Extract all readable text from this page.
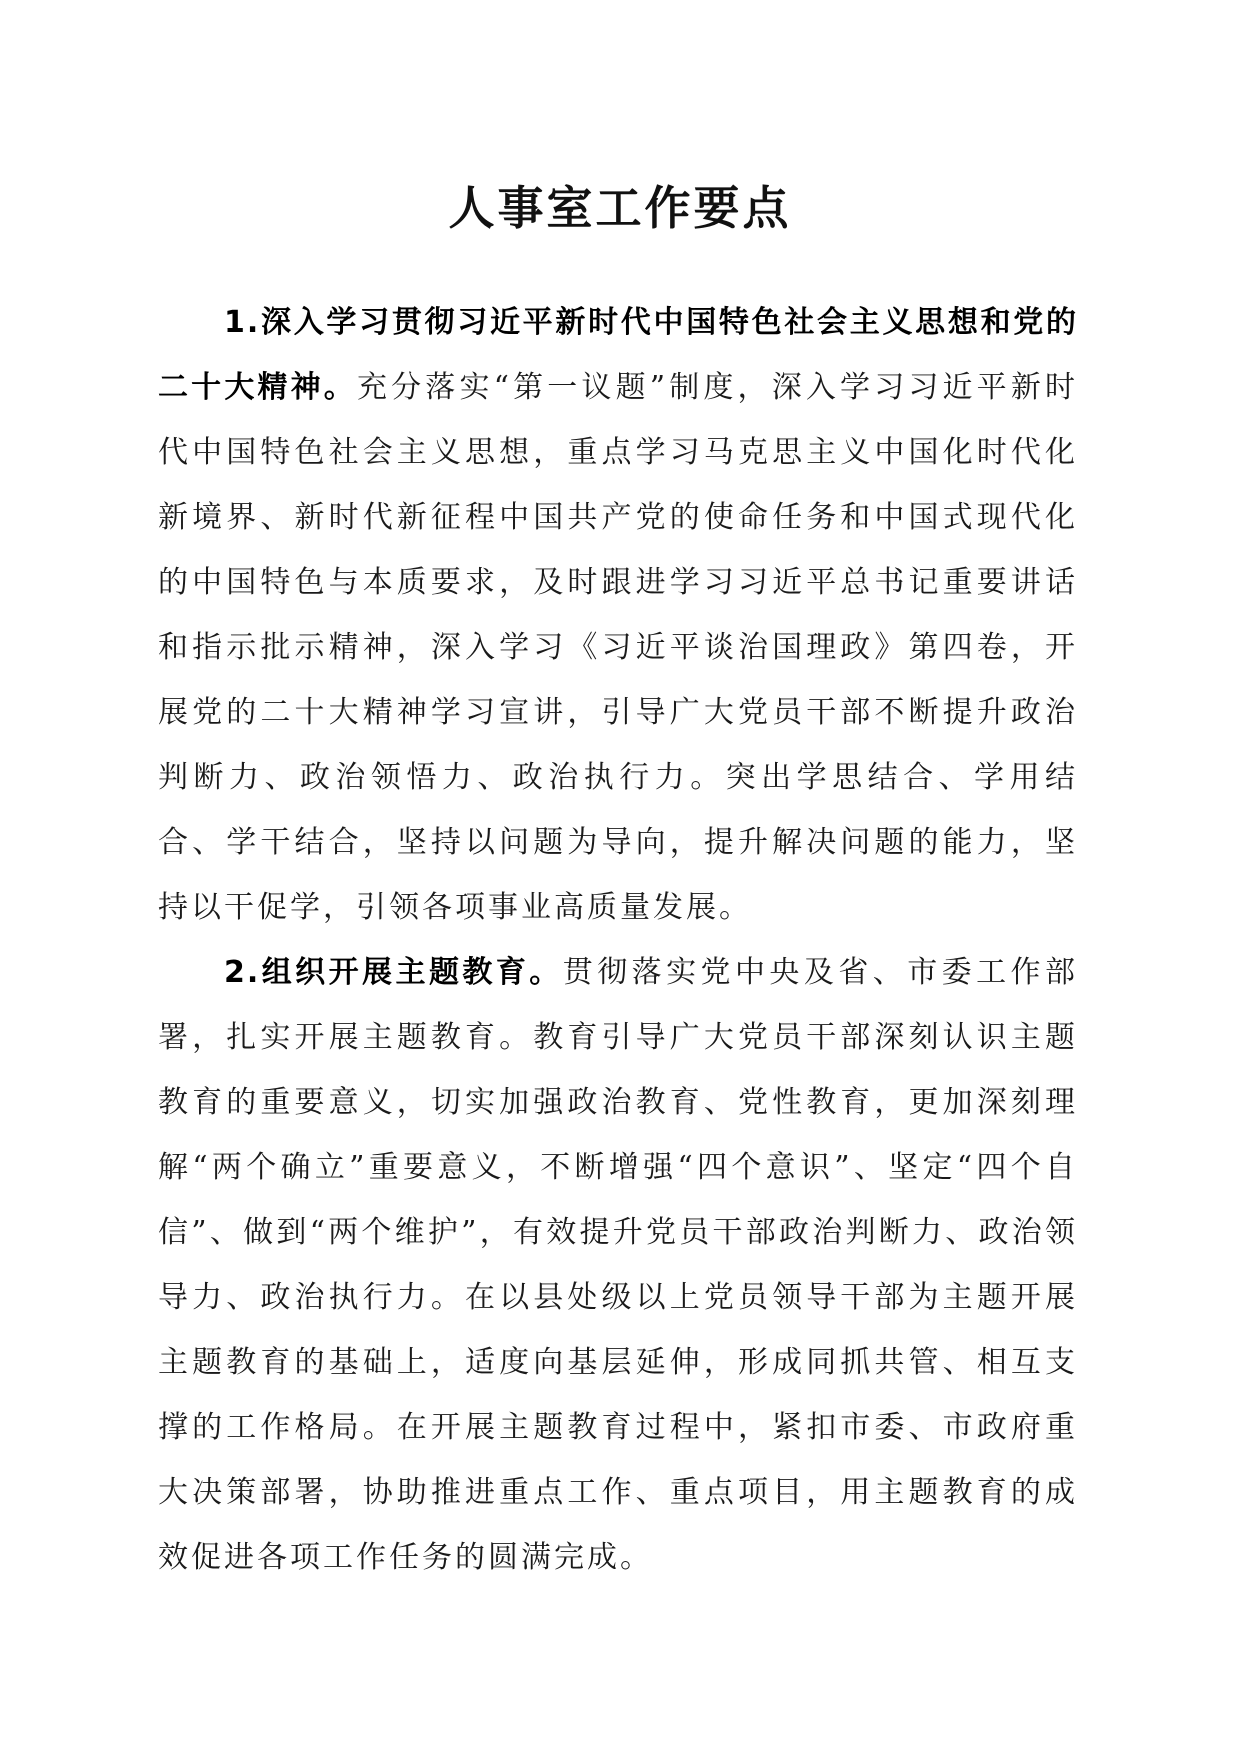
人事室工作要点

1.深入学习贯彻习近平新时代中国特色社会主义思想和党的二十大精神。充分落实“第一议题”制度，深入学习习近平新时代中国特色社会主义思想，重点学习马克思主义中国化时代化新境界、新时代新征程中国共产党的使命任务和中国式现代化的中国特色与本质要求，及时跟进学习习近平总书记重要讲话和指示批示精神，深入学习《习近平谈治国理政》第四卷，开展党的二十大精神学习宣讲，引导广大党员干部不断提升政治判断力、政治领悟力、政治执行力。突出学思结合、学用结合、学干结合，坚持以问题为导向，提升解决问题的能力，坚持以干促学，引领各项事业高质量发展。

2.组织开展主题教育。贯彻落实党中央及省、市委工作部署，扎实开展主题教育。教育引导广大党员干部深刻认识主题教育的重要意义，切实加强政治教育、党性教育，更加深刻理解“两个确立”重要意义，不断增强“四个意识”、坚定“四个自信”、做到“两个维护”，有效提升党员干部政治判断力、政治领导力、政治执行力。在以县处级以上党员领导干部为主题开展主题教育的基础上，适度向基层延伸，形成同抓共管、相互支撑的工作格局。在开展主题教育过程中，紧扣市委、市政府重大决策部署，协助推进重点工作、重点项目，用主题教育的成效促进各项工作任务的圆满完成。
